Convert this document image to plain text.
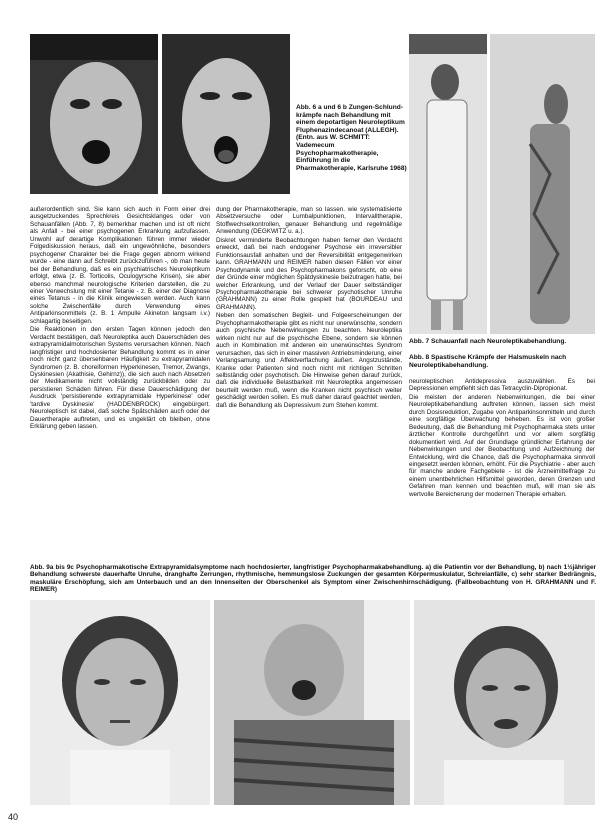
Abb. 6 a und 6 b Zungen-Schlund-krämpfe nach Behandlung mit einem depotartigen Neuroleptikum Fluphenazindecanoat (ALLEGH). (Entn. aus W. SCHMITT: Vademecum Psychopharmakotherapie, Einführung in die Pharmakotherapie, Karlsruhe 1968)
Abb. 7 Schauanfall nach Neuroleptikabehandlung.
Abb. 8 Spastische Krämpfe der Halsmuskeln nach Neuroleptikabehandlung.

außerordentlich sind. Sie kann sich auch in Form einer drei ausgetzuckendes Sprechkreis Gesichtsklanges oder von Schauanfällen (Abb. 7, 8) bemerkbar machen und ist oft nicht als Anfall - bei einer psychogenen Erkrankung aufzufassen. Unwohl auf derartige Komplikationen führen immer wieder Folgediskussion heraus, daß ein ungewöhnliche, besonders psychogener Charakter bei die Frage gegen abnorm wirkend wurde - eine dann auf Schreibt zurückzuführen -, ob man heute bei der Behandlung, daß es ein psychiatrisches Neuroleptikum erfolgt, etwa (z. B. Torticolis, Oculogyrsche Krisen), sie aber ebenso manchmal neurologische Kriterien darstellen, die zu einer Verwechslung mit einer Tetanie - z. B. einer der Diagnose eines Tetanus - in die Klinik eingewiesen werden. Auch kann solche Zwischenfälle durch Verwendung eines Antiparkinsonmittels (z. B. 1 Ampulle Akineton langsam i.v.) schlagartig beseitigen.

Die Reaktionen in den ersten Tagen können jedoch den Verdacht bestätigen, daß Neuroleptika auch Dauerschäden des extrapyramidalmotorischen Systems verursachen können. Nach langfristiger und hochdosierter Behandlung kommt es in einer noch nicht ganz übersehbaren Häufigkeit zu extrapyramidalen Syndromen (z. B. choreiformen Hyperkinesen, Tremor, Zwangs, Dyskinesien (Akathisie, Gehirnz)), die sich auch nach Absetzen der Medikamente nicht vollständig zurückbilden oder zu persistieren Schäden führen. Für diese Dauerschädigung der Ausdruck 'persistierende extrapyramidale Hyperkinese' oder 'tardive Dyskinesie' (HADDENBROCK) eingebürgert. Neuroleptisch ist dabei, daß solche Spätschäden auch oder der Dauertherapie auftreten, und es ungeklärt ob bleiben, ohne Erklärung geben lassen.

dung der Pharmakotherapie, man so lassen. wie systematisierte Absetzversuche oder Lumbalpunktionen, Intervalltherapie, Stoffwechselkontrollen, genauer Behandlung und regelmäßige Anwendung (DEGKWITZ u. a.).

Diskret verminderte Beobachtungen haben ferner den Verdacht erweckt, daß bei nach endogener Psychose ein irreversibler Funktionsausfall anhalten und der Reversibilität entgegenwirken kann. GRAHMANN und REIMER haben diesen Fällen vor einer Psychodynamik und des Psychopharmakons geforscht, ob eine der Gründe einer möglichen Spätdyskinesie beizutragen hatte, bei welcher Erkrankung, und der Verlauf der Dauer selbständiger Psychopharmakotherapie bei schwerer psychotischer Unruhe (GRAHMANN) zu einer Rolle gespielt hat (BOURDEAU und GRAHMANN).

Neben den somatischen Begleit- und Folgeerscheinungen der Psychopharmakotherapie gibt es nicht nur unerwünschte, sondern auch psychische Nebenwirkungen zu beachten. Neuroleptika wirken nicht nur auf die psychische Ebene, sondern sie können auch in Kombination mit anderen ein unerwünschtes Syndrom verursachen, das sich in einer massiven Antriebsminderung, einer Verlangsamung und Affektverflachung äußert. Angstzustände, Kranke oder Patienten sind noch nicht mit richtigen Schritten selbständig oder psychotisch. Die Hinweise gehen darauf zurück, daß die individuelle Belastbarkeit mit Neuroleptika angemessen beurteilt werden muß, wenn die Kranken nicht psychisch weiter geschädigt werden sollen. Es muß daher darauf geachtet werden, daß die Behandlung als Depressivum zum Stehen kommt.

neuroleptischen Antidepressiva auszuwählen. Es bei Depressionen empfiehlt sich das Tetracyclin-Dipropionat.

Die meisten der anderen Nebenwirkungen, die bei einer Neuroleptikabehandlung auftreten können, lassen sich meist durch Dosisreduktion, Zugabe von Antiparkinsonmitteln und durch eine sorgfältige Überwachung beheben. Es ist von großer Bedeutung, daß die Behandlung mit Psychopharmaka stets unter ärztlicher Kontrolle durchgeführt und vor allem sorgfältig dokumentiert wird. Auf der Grundlage gründlicher Erfahrung der Nebenwirkungen und der Beobachtung und Aufzeichnung der Entwicklung, wird die Chance, daß die Psychopharmaka sinnvoll eingesetzt werden können, erhöht. Für die Psychiatrie - aber auch für manche andere Fachgebiete - ist die Arzneimittelfrage zu einem unentbehrlichen Hilfsmittel geworden, deren Grenzen und Gefahren man kennen und beachten muß, will man sie als wertvolle Bereicherung der modernen Therapie erhalten.

Abb. 9a bis 9c Psychopharmakotische Extrapyramidalsymptome nach hochdosierter, langfristiger Psychopharmakabehandlung. a) die Patientin vor der Behandlung, b) nach 1½jähriger Behandlung schwerste dauerhafte Unruhe, dranghafte Zerrungen, rhythmische, hemmungslose Zuckungen der gesamten Körpermuskulatur, Schreianfälle, c) sehr starker Bedrängnis, maskuläre Erschöpfung, sich am Unterbauch und an den Innenseiten der Oberschenkel als Symptom einer Zwischenhirnschädigung. (Fallbeobachtung von H. GRAHMANN und F. REIMER)
40
